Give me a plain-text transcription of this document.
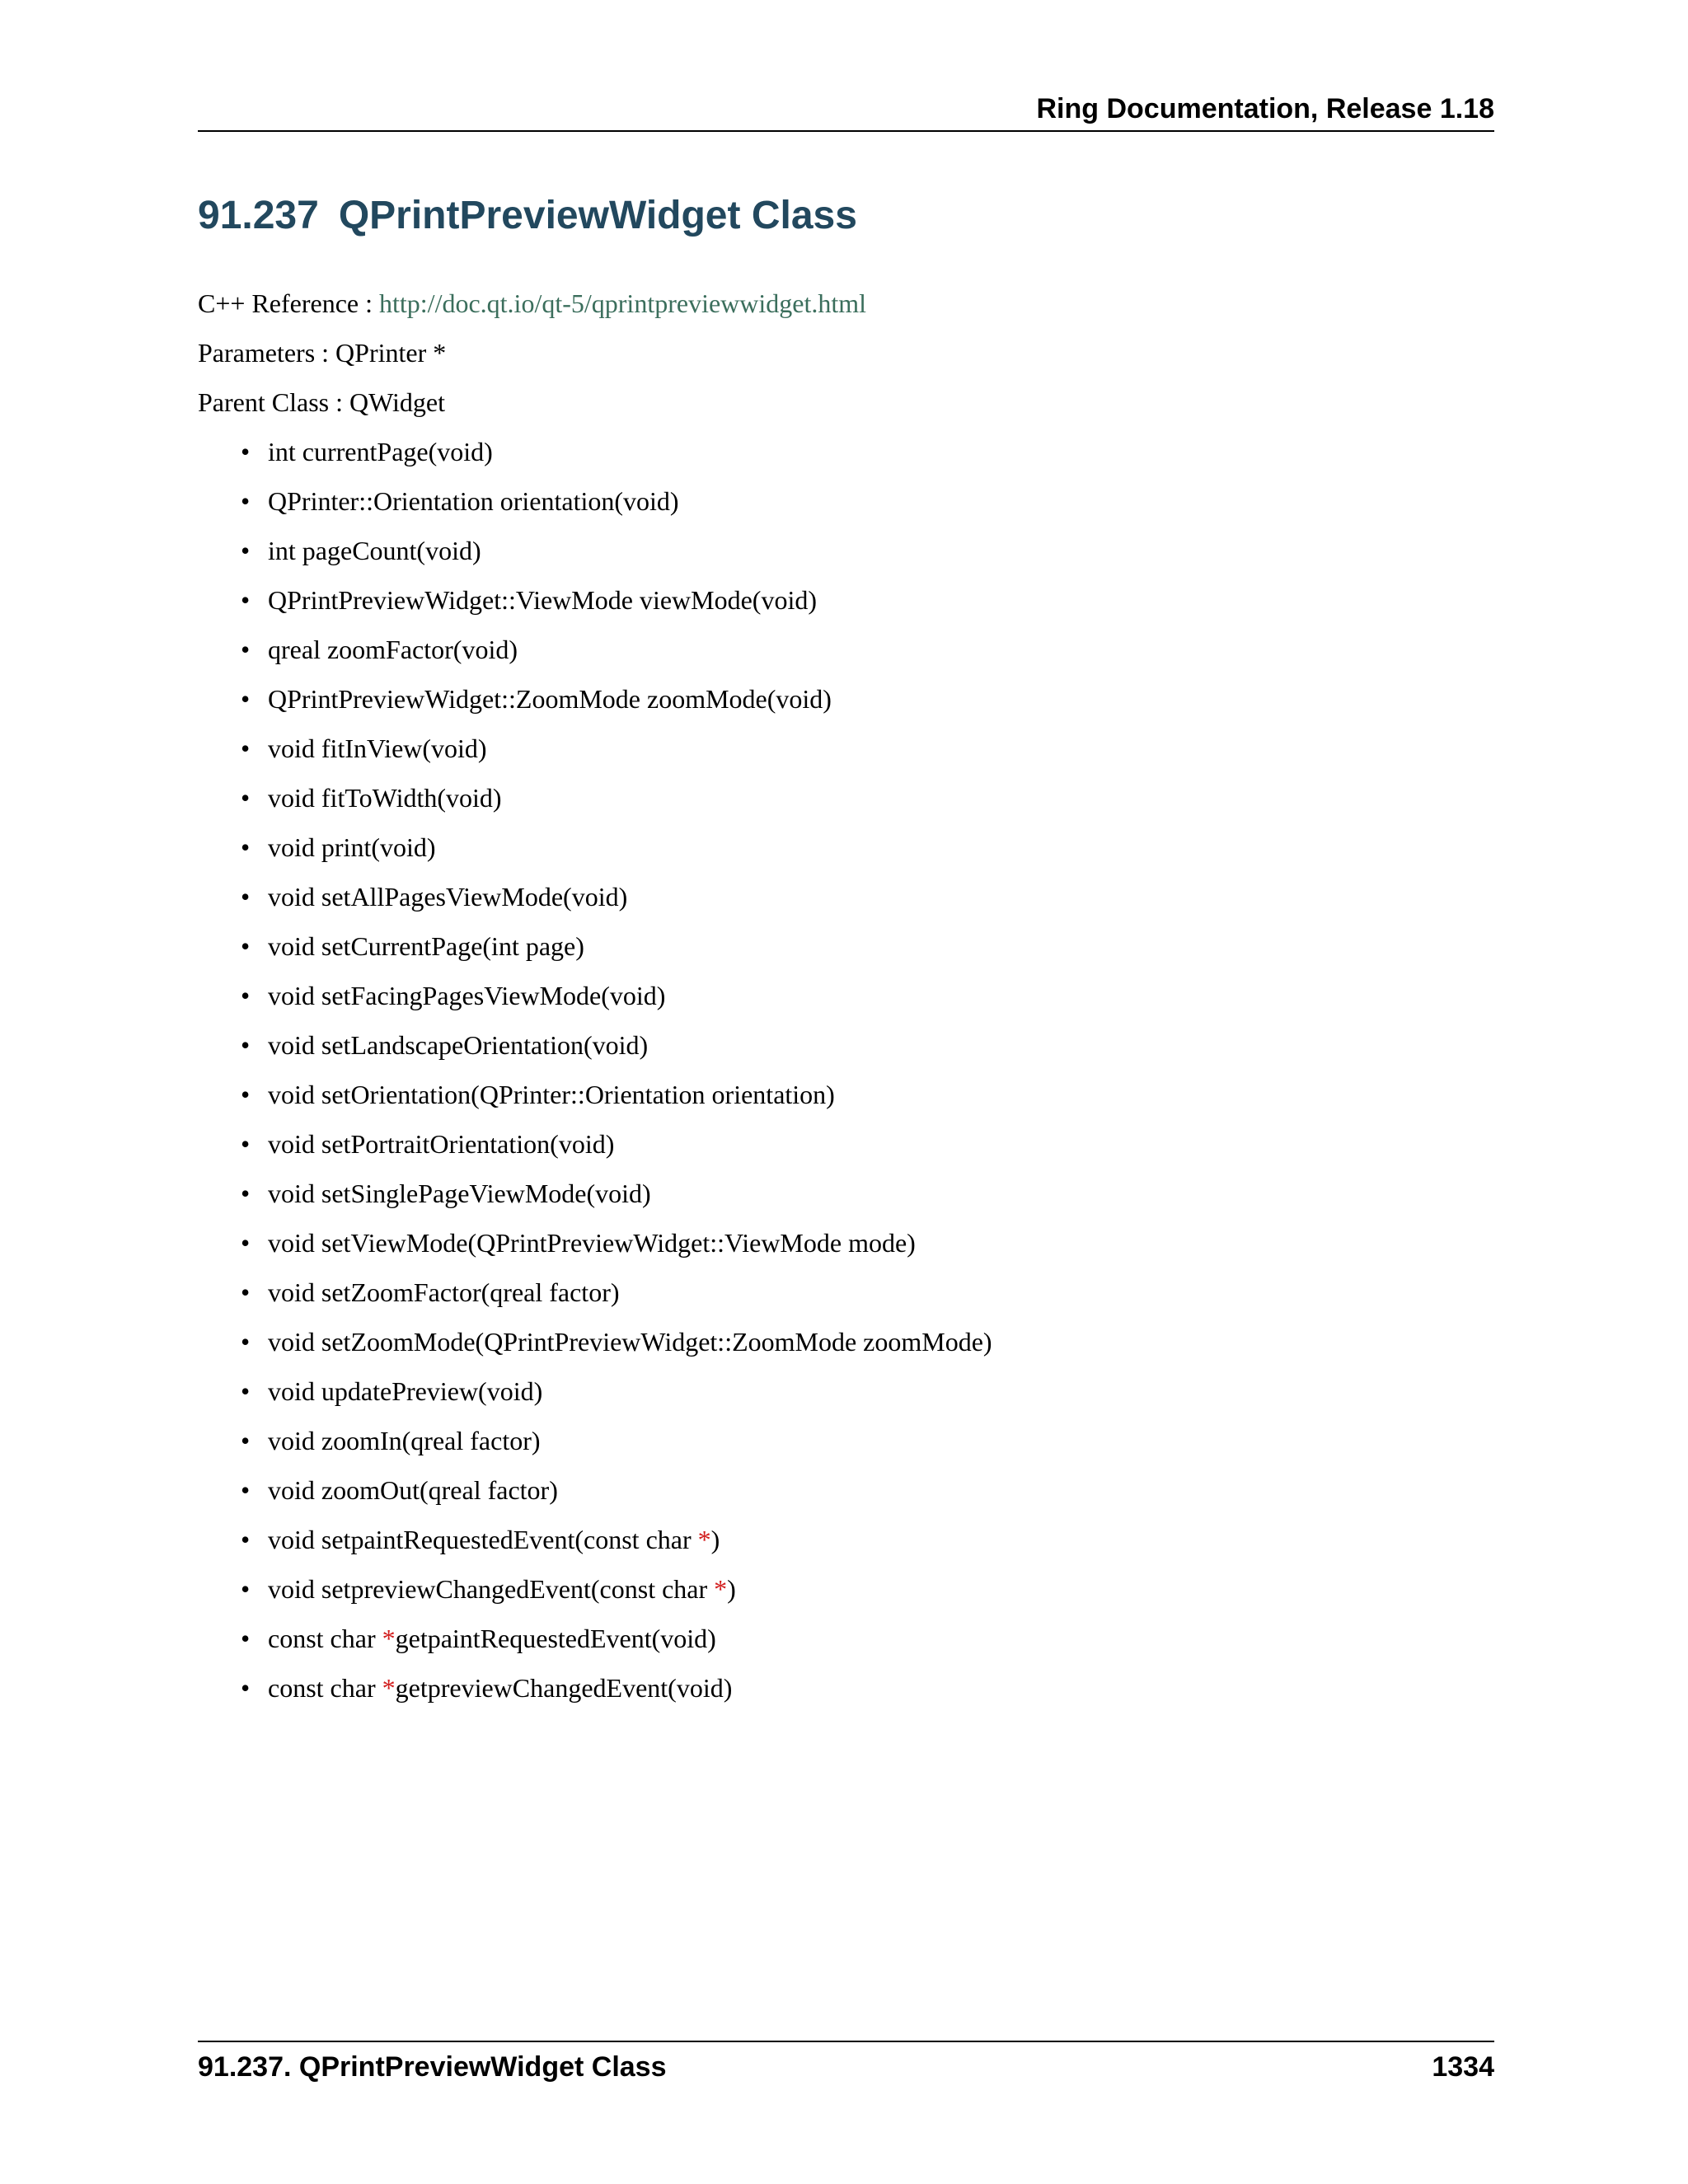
Ring Documentation, Release 1.18
91.237 QPrintPreviewWidget Class
C++ Reference : http://doc.qt.io/qt-5/qprintpreviewwidget.html
Parameters : QPrinter *
Parent Class : QWidget
• int currentPage(void)
• QPrinter::Orientation orientation(void)
• int pageCount(void)
• QPrintPreviewWidget::ViewMode viewMode(void)
• qreal zoomFactor(void)
• QPrintPreviewWidget::ZoomMode zoomMode(void)
• void fitInView(void)
• void fitToWidth(void)
• void print(void)
• void setAllPagesViewMode(void)
• void setCurrentPage(int page)
• void setFacingPagesViewMode(void)
• void setLandscapeOrientation(void)
• void setOrientation(QPrinter::Orientation orientation)
• void setPortraitOrientation(void)
• void setSinglePageViewMode(void)
• void setViewMode(QPrintPreviewWidget::ViewMode mode)
• void setZoomFactor(qreal factor)
• void setZoomMode(QPrintPreviewWidget::ZoomMode zoomMode)
• void updatePreview(void)
• void zoomIn(qreal factor)
• void zoomOut(qreal factor)
• void setpaintRequestedEvent(const char *)
• void setpreviewChangedEvent(const char *)
• const char *getpaintRequestedEvent(void)
• const char *getpreviewChangedEvent(void)
91.237. QPrintPreviewWidget Class	1334
